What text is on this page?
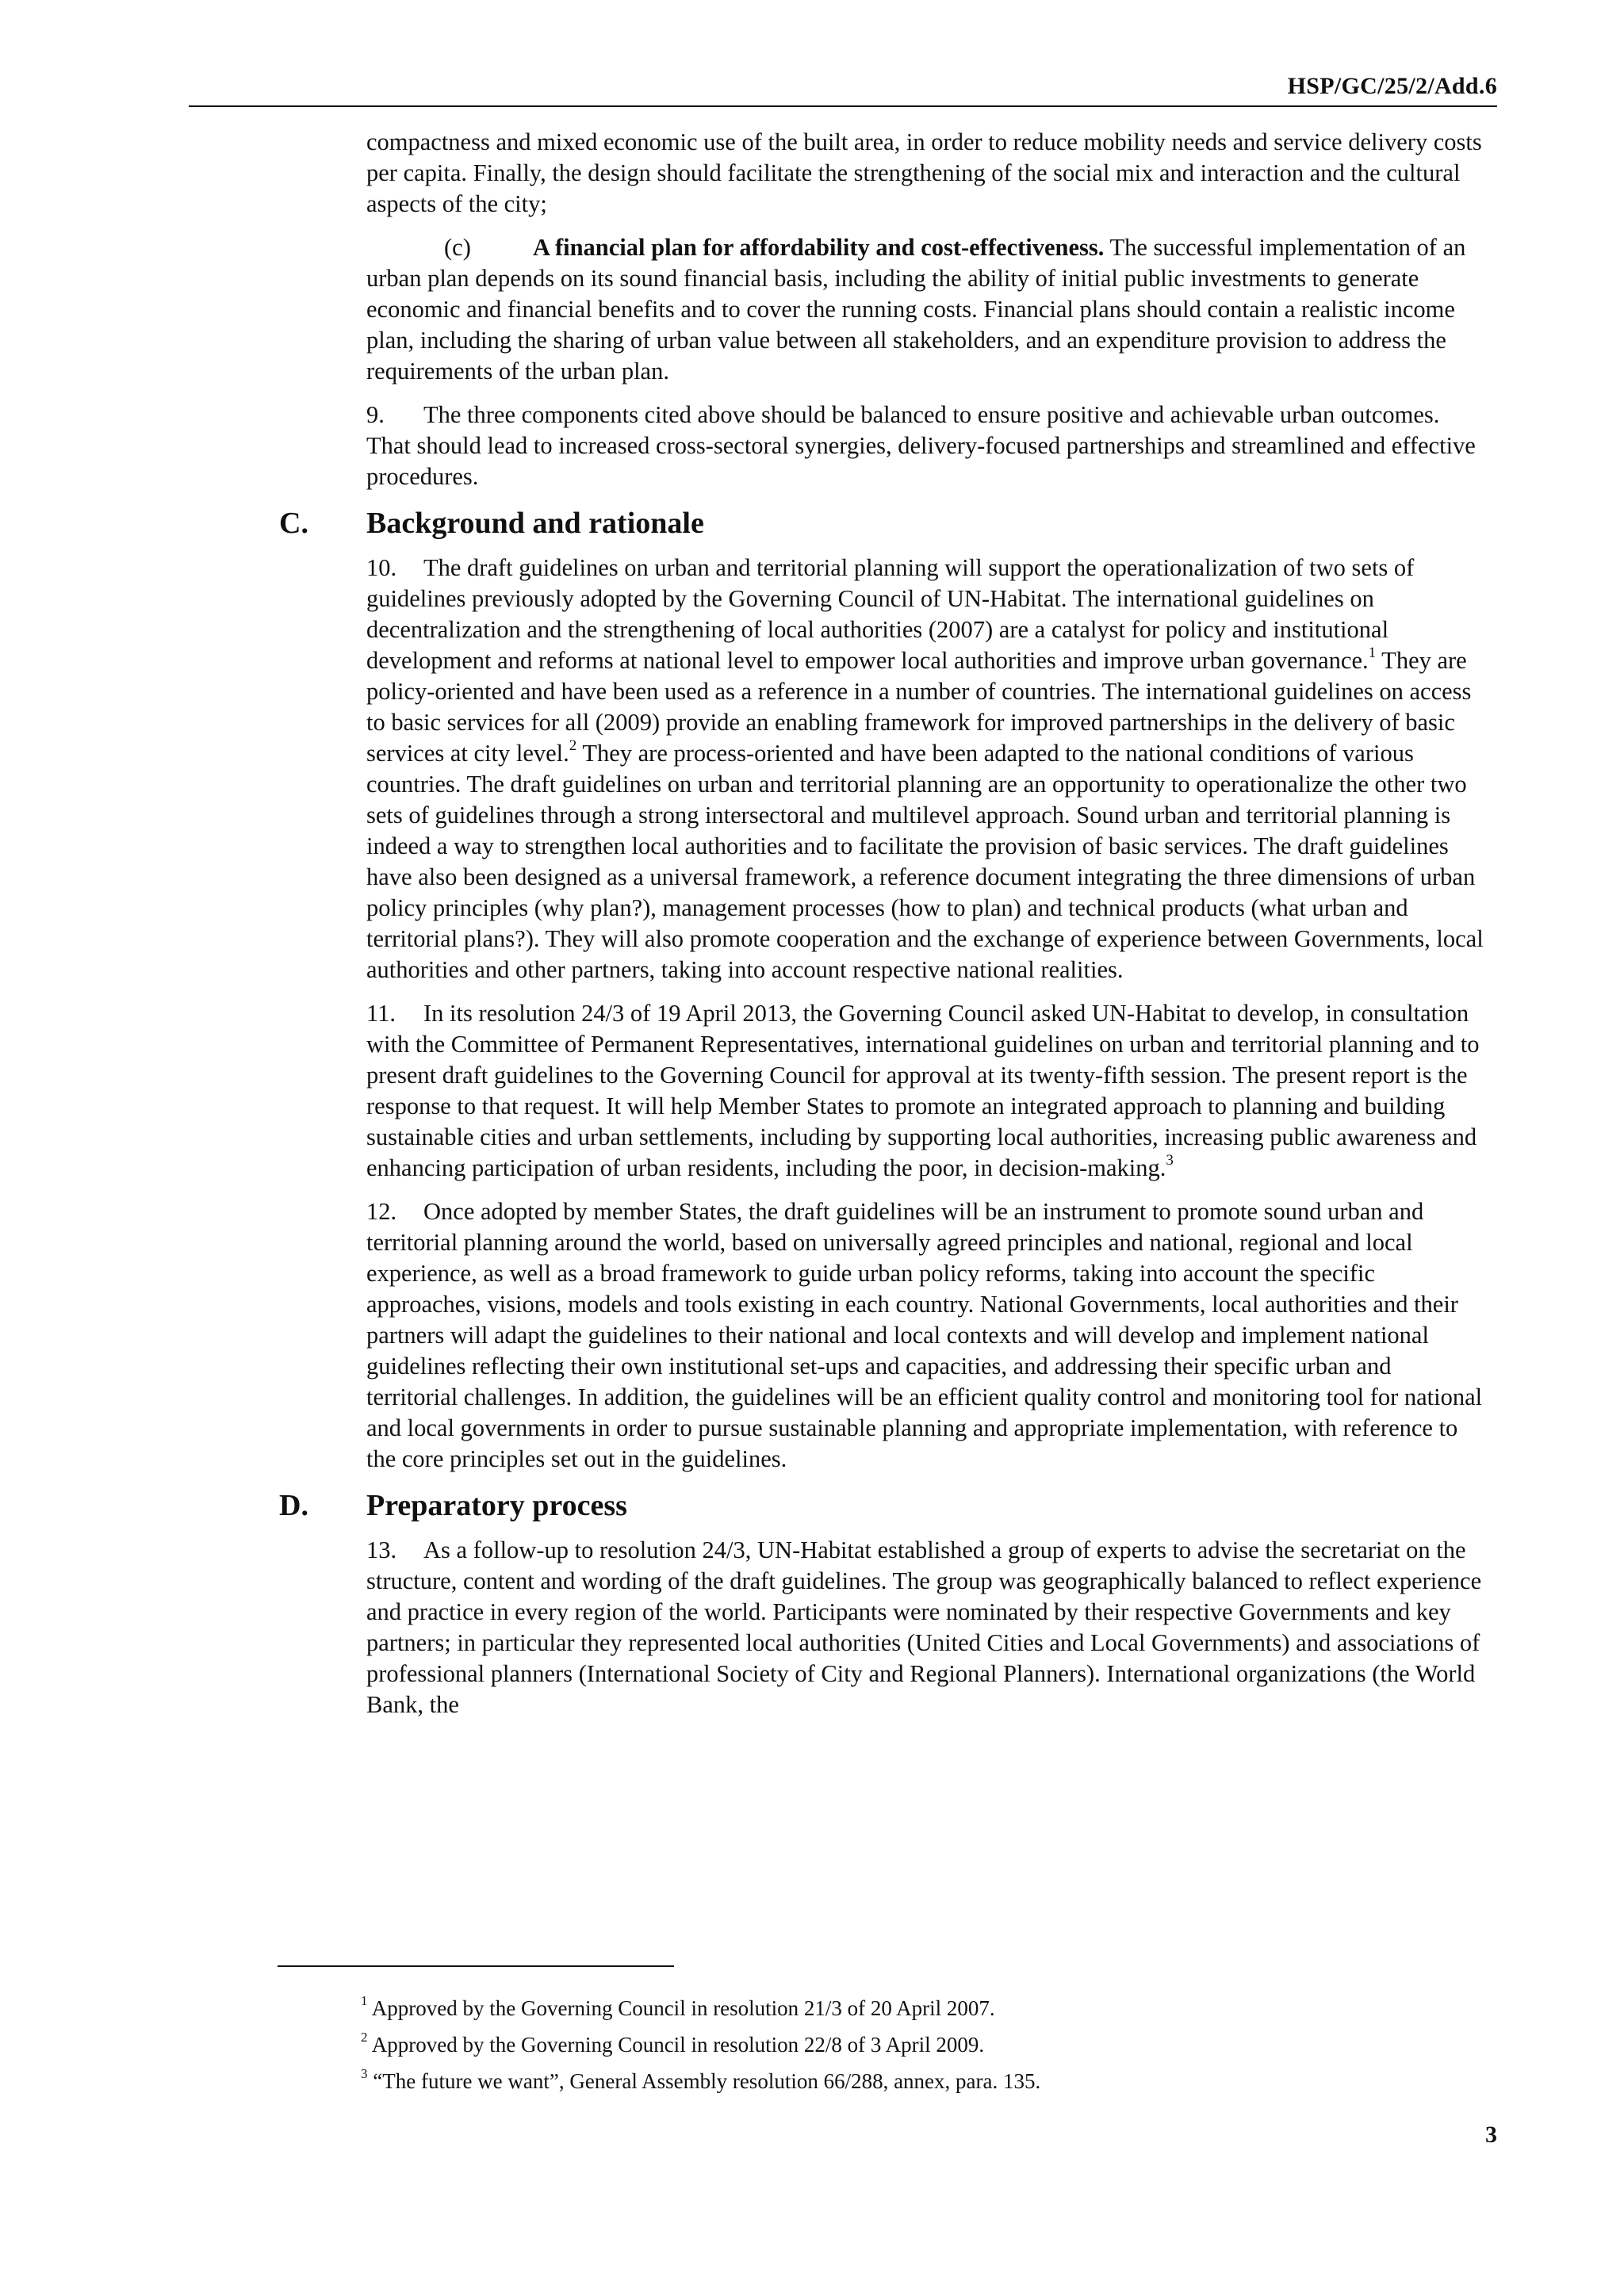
HSP/GC/25/2/Add.6

compactness and mixed economic use of the built area, in order to reduce mobility needs and service delivery costs per capita. Finally, the design should facilitate the strengthening of the social mix and interaction and the cultural aspects of the city;

(c)	A financial plan for affordability and cost-effectiveness. The successful implementation of an urban plan depends on its sound financial basis, including the ability of initial public investments to generate economic and financial benefits and to cover the running costs. Financial plans should contain a realistic income plan, including the sharing of urban value between all stakeholders, and an expenditure provision to address the requirements of the urban plan.

9. The three components cited above should be balanced to ensure positive and achievable urban outcomes. That should lead to increased cross-sectoral synergies, delivery-focused partnerships and streamlined and effective procedures.

C. Background and rationale

10. The draft guidelines on urban and territorial planning will support the operationalization of two sets of guidelines previously adopted by the Governing Council of UN-Habitat. The international guidelines on decentralization and the strengthening of local authorities (2007) are a catalyst for policy and institutional development and reforms at national level to empower local authorities and improve urban governance.$^1$ They are policy-oriented and have been used as a reference in a number of countries. The international guidelines on access to basic services for all (2009) provide an enabling framework for improved partnerships in the delivery of basic services at city level.$^2$ They are process-oriented and have been adapted to the national conditions of various countries. The draft guidelines on urban and territorial planning are an opportunity to operationalize the other two sets of guidelines through a strong intersectoral and multilevel approach. Sound urban and territorial planning is indeed a way to strengthen local authorities and to facilitate the provision of basic services. The draft guidelines have also been designed as a universal framework, a reference document integrating the three dimensions of urban policy principles (why plan?), management processes (how to plan) and technical products (what urban and territorial plans?). They will also promote cooperation and the exchange of experience between Governments, local authorities and other partners, taking into account respective national realities.

11. In its resolution 24/3 of 19 April 2013, the Governing Council asked UN-Habitat to develop, in consultation with the Committee of Permanent Representatives, international guidelines on urban and territorial planning and to present draft guidelines to the Governing Council for approval at its twenty-fifth session. The present report is the response to that request. It will help Member States to promote an integrated approach to planning and building sustainable cities and urban settlements, including by supporting local authorities, increasing public awareness and enhancing participation of urban residents, including the poor, in decision-making.$^3$

12. Once adopted by member States, the draft guidelines will be an instrument to promote sound urban and territorial planning around the world, based on universally agreed principles and national, regional and local experience, as well as a broad framework to guide urban policy reforms, taking into account the specific approaches, visions, models and tools existing in each country. National Governments, local authorities and their partners will adapt the guidelines to their national and local contexts and will develop and implement national guidelines reflecting their own institutional set-ups and capacities, and addressing their specific urban and territorial challenges. In addition, the guidelines will be an efficient quality control and monitoring tool for national and local governments in order to pursue sustainable planning and appropriate implementation, with reference to the core principles set out in the guidelines.

D. Preparatory process

13. As a follow-up to resolution 24/3, UN-Habitat established a group of experts to advise the secretariat on the structure, content and wording of the draft guidelines. The group was geographically balanced to reflect experience and practice in every region of the world. Participants were nominated by their respective Governments and key partners; in particular they represented local authorities (United Cities and Local Governments) and associations of professional planners (International Society of City and Regional Planners). International organizations (the World Bank, the

$^1$ Approved by the Governing Council in resolution 21/3 of 20 April 2007.
$^2$ Approved by the Governing Council in resolution 22/8 of 3 April 2009.
$^3$ “The future we want”, General Assembly resolution 66/288, annex, para. 135.
3
